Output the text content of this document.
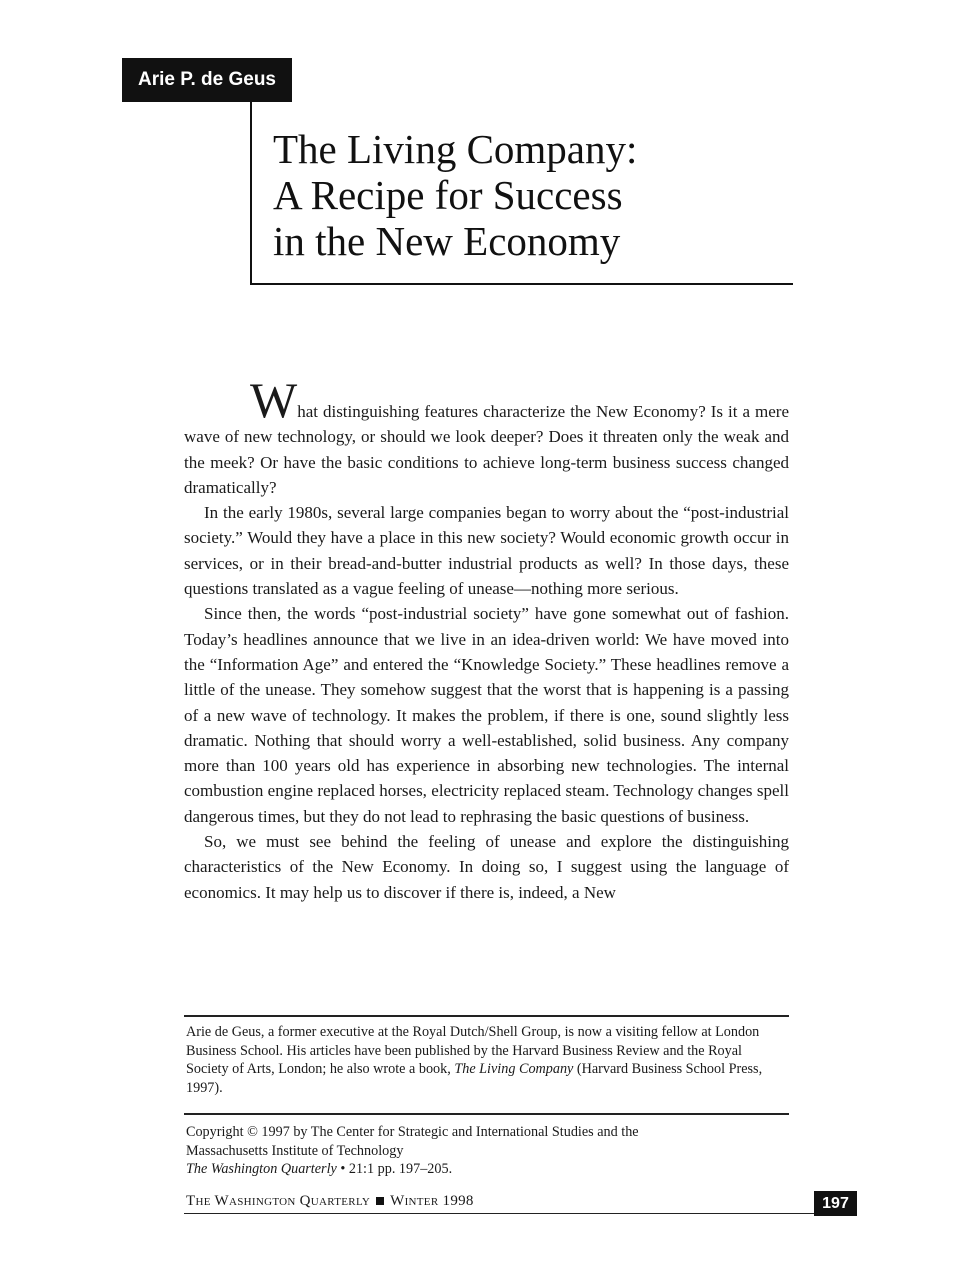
Arie P. de Geus
The Living Company:
A Recipe for Success
in the New Economy

What distinguishing features characterize the New Economy? Is it a mere wave of new technology, or should we look deeper? Does it threaten only the weak and the meek? Or have the basic conditions to achieve long-term business success changed dramatically?

In the early 1980s, several large companies began to worry about the “post-industrial society.” Would they have a place in this new society? Would economic growth occur in services, or in their bread-and-butter industrial products as well? In those days, these questions translated as a vague feeling of unease—nothing more serious.

Since then, the words “post-industrial society” have gone somewhat out of fashion. Today’s headlines announce that we live in an idea-driven world: We have moved into the “Information Age” and entered the “Knowledge Society.” These headlines remove a little of the unease. They somehow suggest that the worst that is happening is a passing of a new wave of technology. It makes the problem, if there is one, sound slightly less dramatic. Nothing that should worry a well-established, solid business. Any company more than 100 years old has experience in absorbing new technologies. The internal combustion engine replaced horses, electricity replaced steam. Technology changes spell dangerous times, but they do not lead to rephrasing the basic questions of business.

So, we must see behind the feeling of unease and explore the distinguishing characteristics of the New Economy. In doing so, I suggest using the language of economics. It may help us to discover if there is, indeed, a New

Arie de Geus, a former executive at the Royal Dutch/Shell Group, is now a visiting fellow at London Business School. His articles have been published by the Harvard Business Review and the Royal Society of Arts, London; he also wrote a book, The Living Company (Harvard Business School Press, 1997).
Copyright © 1997 by The Center for Strategic and International Studies and the
Massachusetts Institute of Technology
The Washington Quarterly • 21:1 pp. 197–205.
The Washington Quarterly Winter 1998	197
